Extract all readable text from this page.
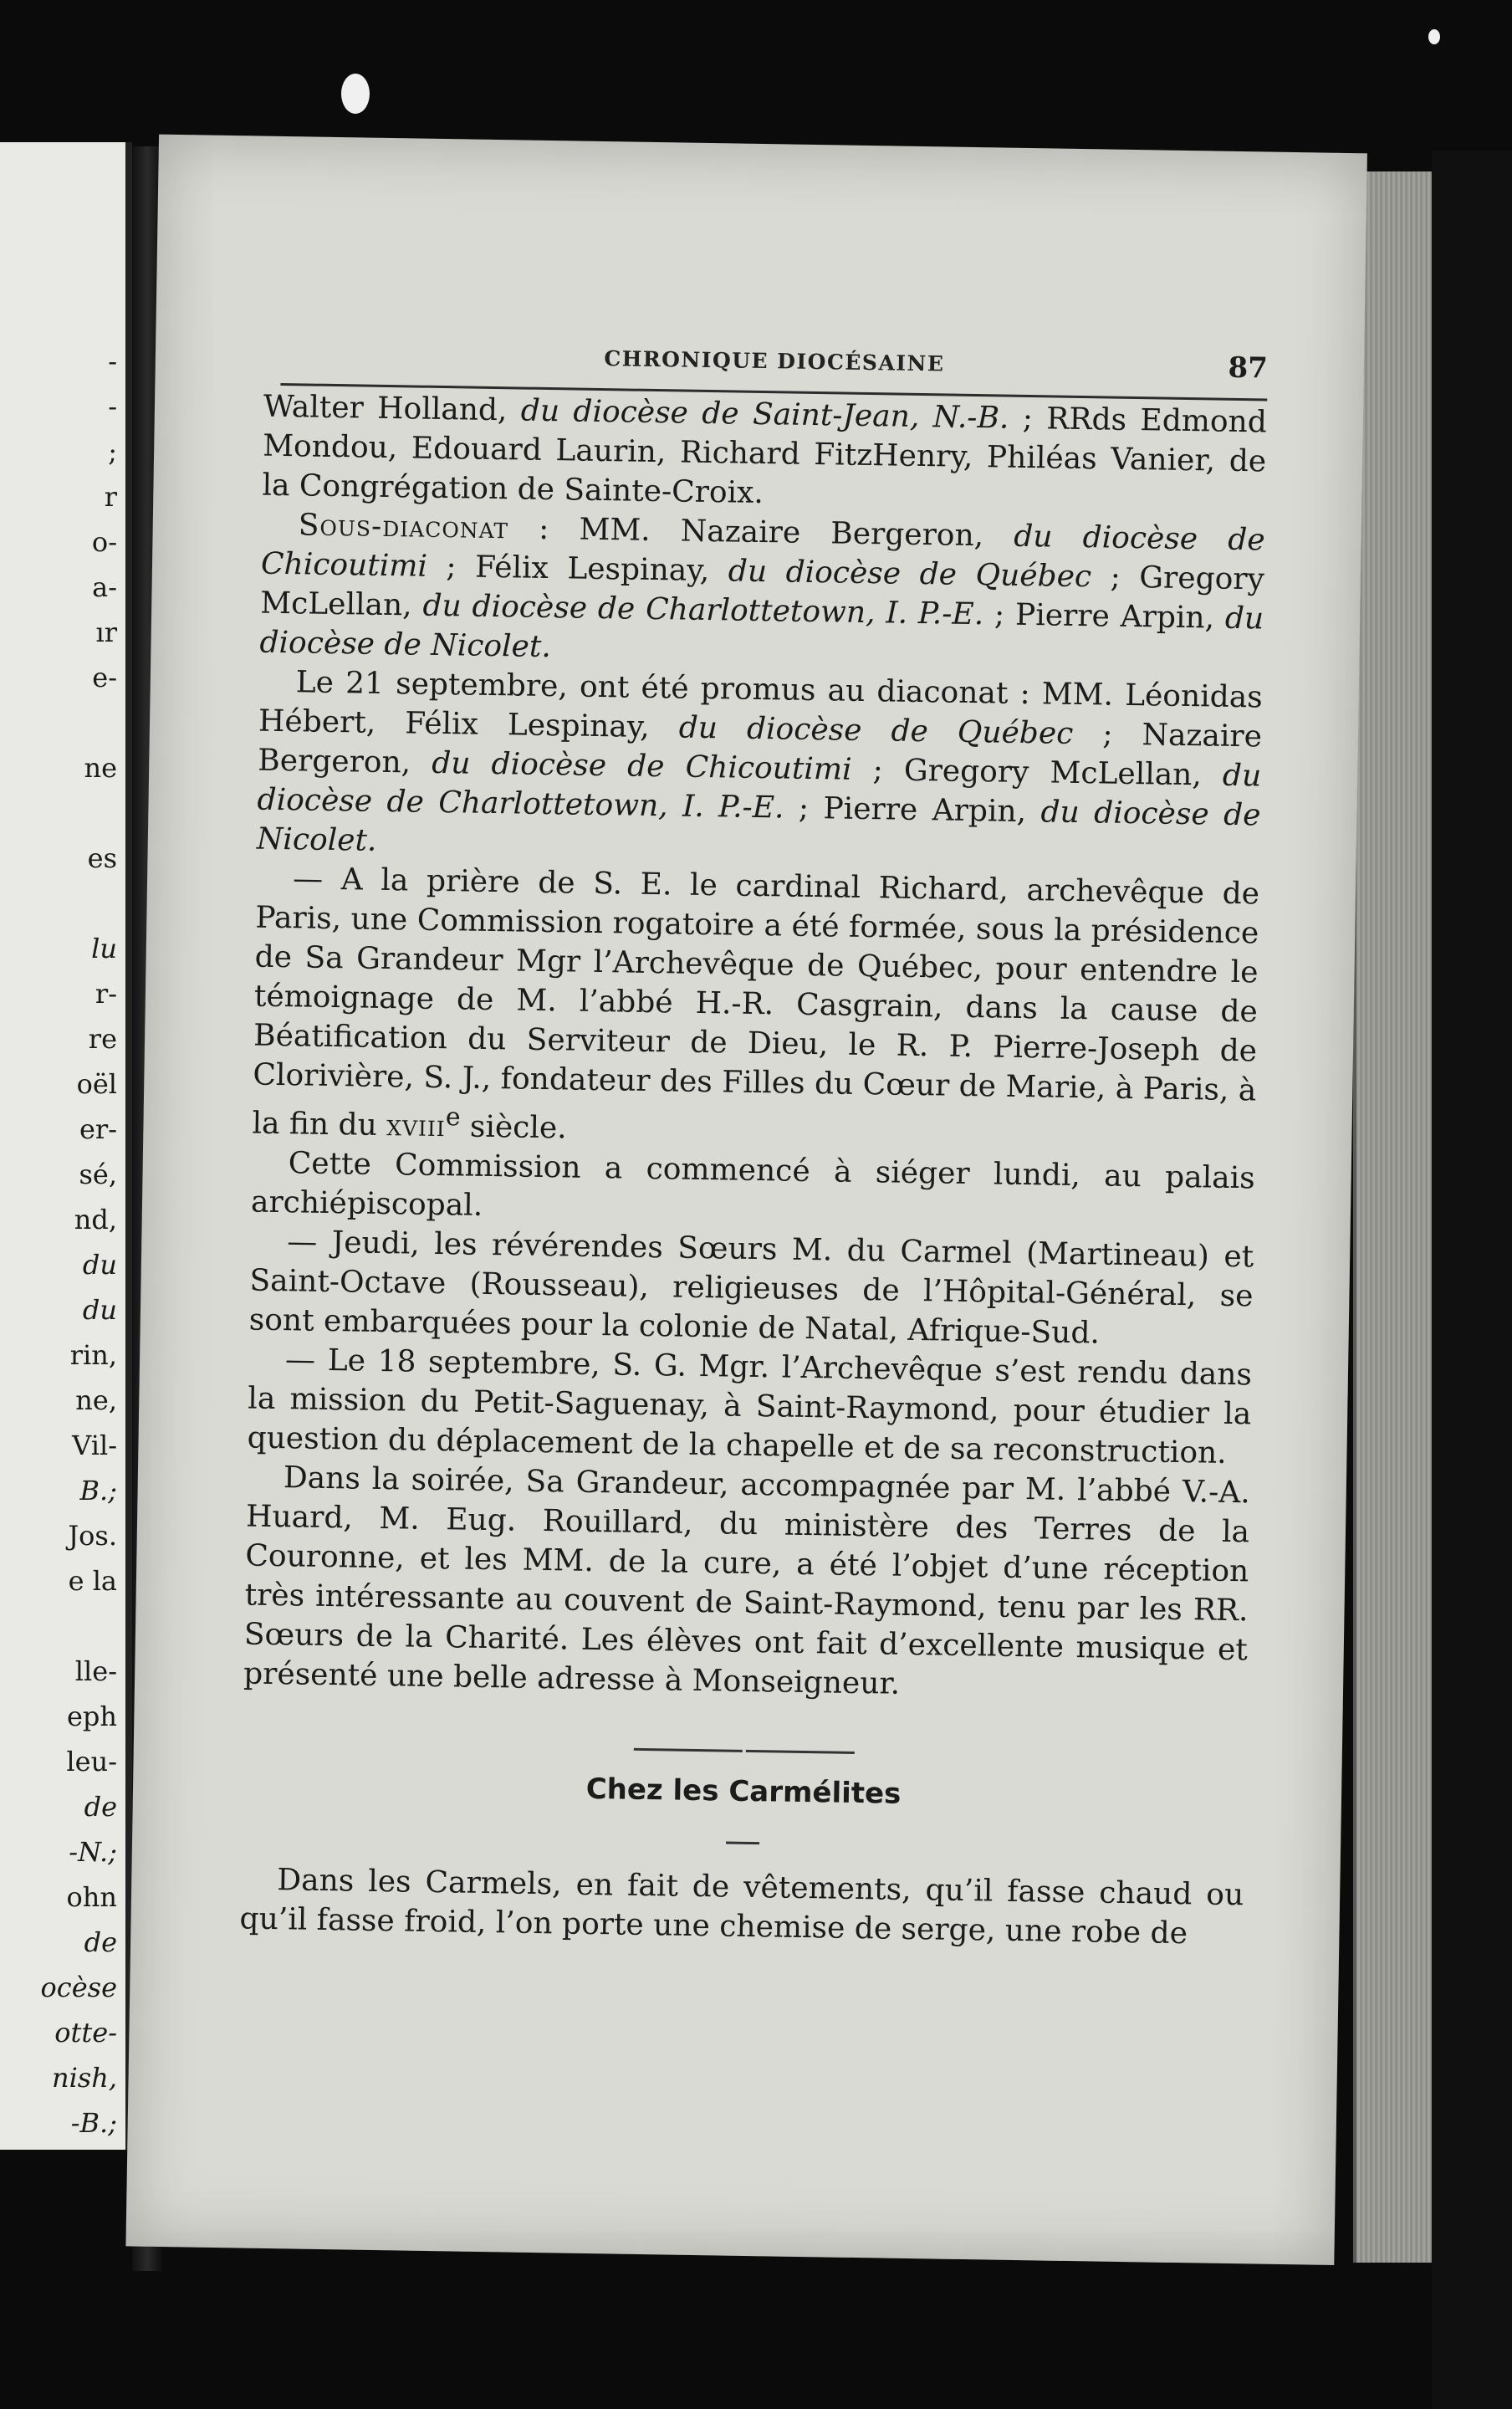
-
-
;
r
o-
a-
ır
e-
ne
es
lu
r-
re
oël
er-
sé,
nd,
du
du
rin,
ne,
Vil-
B.;
Jos.
e la
lle-
eph
leu-
de
-N.;
ohn
de
ocèse
otte-
nish,
-B.;
CHRONIQUE DIOCÉSAINE	87

Walter Holland, du diocèse de Saint-Jean, N.-B. ; RRds Edmond Mondou, Edouard Laurin, Richard FitzHenry, Philéas Vanier, de la Congrégation de Sainte-Croix.

Sous-diaconat : MM. Nazaire Bergeron, du diocèse de Chicoutimi ; Félix Lespinay, du diocèse de Québec ; Gregory McLellan, du diocèse de Charlottetown, I. P.-E. ; Pierre Arpin, du diocèse de Nicolet.

Le 21 septembre, ont été promus au diaconat : MM. Léonidas Hébert, Félix Lespinay, du diocèse de Québec ; Nazaire Bergeron, du diocèse de Chicoutimi ; Gregory McLellan, du diocèse de Charlottetown, I. P.-E. ; Pierre Arpin, du diocèse de Nicolet.

— A la prière de S. E. le cardinal Richard, archevêque de Paris, une Commission rogatoire a été formée, sous la présidence de Sa Grandeur Mgr l’Archevêque de Québec, pour entendre le témoignage de M. l’abbé H.-R. Casgrain, dans la cause de Béatification du Serviteur de Dieu, le R. P. Pierre-Joseph de Clorivière, S. J., fondateur des Filles du Cœur de Marie, à Paris, à la fin du xviii$^e$ siècle.

Cette Commission a commencé à siéger lundi, au palais archiépiscopal.

— Jeudi, les révérendes Sœurs M. du Carmel (Martineau) et Saint-Octave (Rousseau), religieuses de l’Hôpital-Général, se sont embarquées pour la colonie de Natal, Afrique-Sud.

— Le 18 septembre, S. G. Mgr. l’Archevêque s’est rendu dans la mission du Petit-Saguenay, à Saint-Raymond, pour étudier la question du déplacement de la chapelle et de sa reconstruction.

Dans la soirée, Sa Grandeur, accompagnée par M. l’abbé V.-A. Huard, M. Eug. Rouillard, du ministère des Terres de la Couronne, et les MM. de la cure, a été l’objet d’une réception très intéressante au couvent de Saint-Raymond, tenu par les RR. Sœurs de la Charité. Les élèves ont fait d’excellente musique et présenté une belle adresse à Monseigneur.

Chez les Carmélites

Dans les Carmels, en fait de vêtements, qu’il fasse chaud ou qu’il fasse froid, l’on porte une chemise de serge, une robe de
